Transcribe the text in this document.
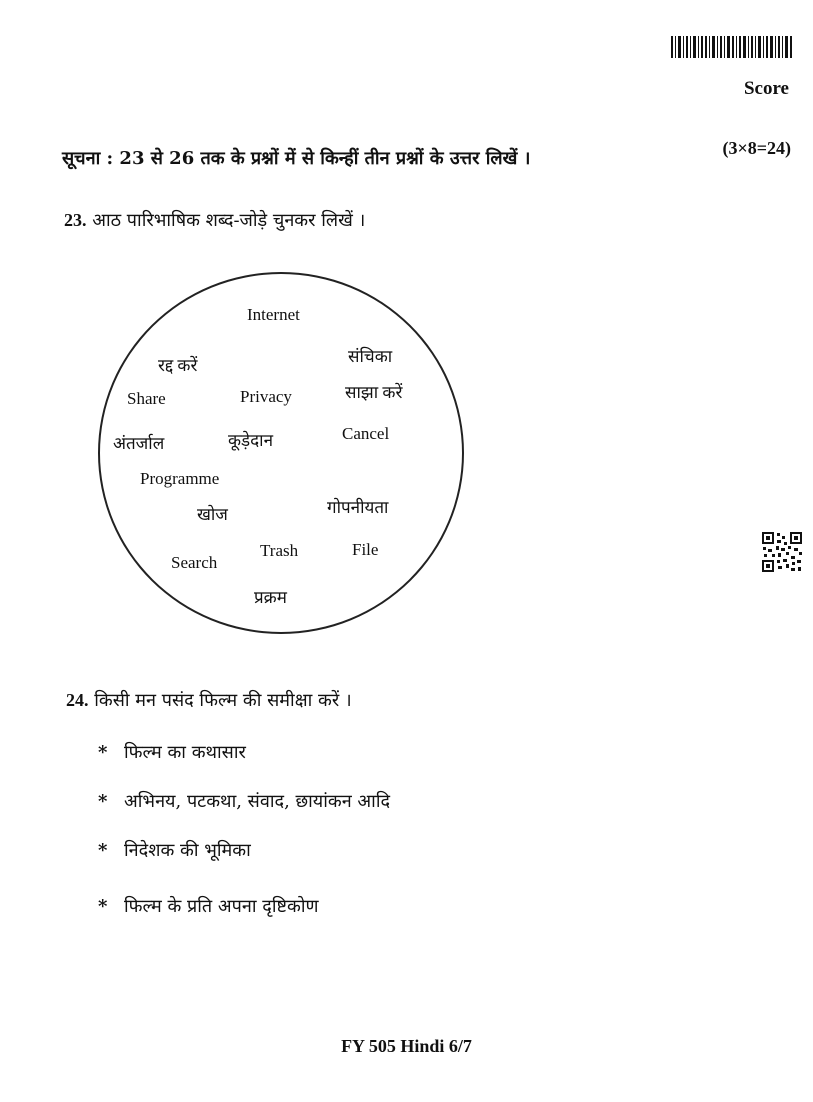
Score
(3×8=24)
सूचना : 23 से 26 तक के प्रश्नों में से किन्हीं तीन प्रश्नों के उत्तर लिखें ।
23. आठ पारिभाषिक शब्द-जोड़े चुनकर लिखें ।
Internet
रद्द करें	संचिका
Share	Privacy	साझा करें
अंतर्जाल	कूड़ेदान	Cancel
Programme
खोज	गोपनीयता
Search
Trash	File
प्रक्रम
24. किसी मन पसंद फिल्म की समीक्षा करें ।
* फिल्म का कथासार
* अभिनय, पटकथा, संवाद, छायांकन आदि
* निदेशक की भूमिका
* फिल्म के प्रति अपना दृष्टिकोण
FY 505 Hindi 6/7
